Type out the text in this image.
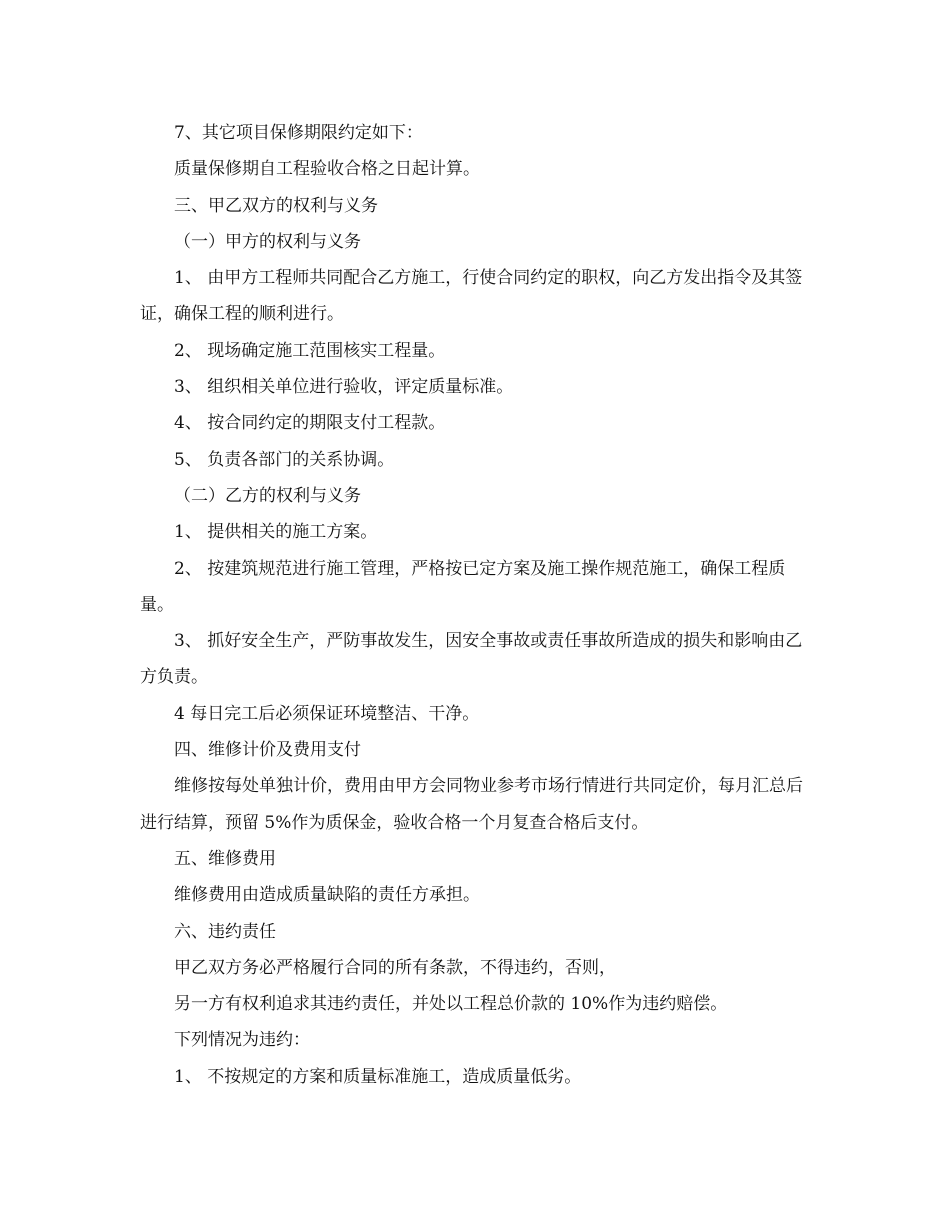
7、其它项目保修期限约定如下：

质量保修期自工程验收合格之日起计算。

三、甲乙双方的权利与义务

（一）甲方的权利与义务

1、 由甲方工程师共同配合乙方施工，行使合同约定的职权，向乙方发出指令及其签证，确保工程的顺利进行。

2、 现场确定施工范围核实工程量。

3、 组织相关单位进行验收，评定质量标准。

4、 按合同约定的期限支付工程款。

5、 负责各部门的关系协调。

（二）乙方的权利与义务

1、 提供相关的施工方案。

2、 按建筑规范进行施工管理，严格按已定方案及施工操作规范施工，确保工程质量。

3、 抓好安全生产，严防事故发生，因安全事故或责任事故所造成的损失和影响由乙方负责。

4 每日完工后必须保证环境整洁、干净。

四、维修计价及费用支付

维修按每处单独计价，费用由甲方会同物业参考市场行情进行共同定价，每月汇总后进行结算，预留 5%作为质保金，验收合格一个月复查合格后支付。

五、维修费用

维修费用由造成质量缺陷的责任方承担。

六、违约责任

甲乙双方务必严格履行合同的所有条款，不得违约，否则，

另一方有权利追求其违约责任，并处以工程总价款的 10%作为违约赔偿。

下列情况为违约：

1、 不按规定的方案和质量标准施工，造成质量低劣。
